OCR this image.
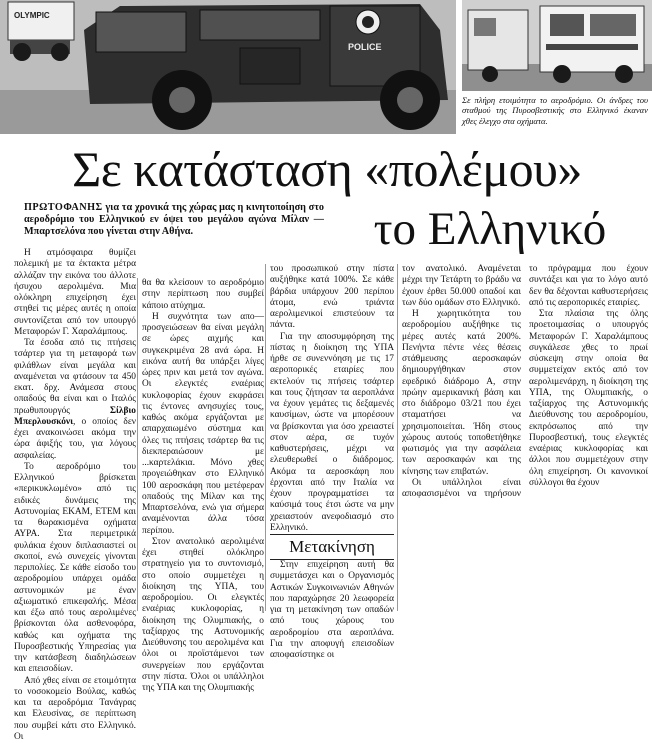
OLYMPIC
POLICE
Σε πλήρη ετοιμότητα το αεροδρόμιο. Οι άνδρες του σταθμού της Πυροσβεστικής στο Ελληνικό έκαναν χθες έλεγχο στα οχήματα.
Σε κατάσταση «πολέμου»
ΠΡΩΤΟΦΑΝΗΣ για τα χρονικά της χώρας μας η κινητοποίηση στο αεροδρόμιο του Ελληνικού εν όψει του μεγάλου αγώνα Μίλαν — Μπαρτσελόνα που γίνεται στην Αθήνα.	το Ελληνικό

Η ατμόσφαιρα θυμίζει πολεμική με τα έκτακτα μέτρα αλλάζαν την εικόνα του άλλοτε ήσυχου αερολιμένα. Μια ολόκληρη επιχείρηση έχει στηθεί τις μέρες αυτές η οποία συντονίζεται από τον υπουργό Μεταφορών Γ. Χαραλάμπους.

Τα έσοδα από τις πτήσεις τσάρτερ για τη μεταφορά των φιλάθλων είναι μεγάλα και αναμένεται να φτάσουν τα 450 εκατ. δρχ. Ανάμεσα στους οπαδούς θα είναι και ο Ιταλός πρωθυπουργός	Σίλβιο Μπερλουσκόνι, ο οποίος δεν έχει ανακοινώσει ακόμα την ώρα άφιξής του, για λόγους ασφαλείας.

Το αεροδρόμιο του Ελληνικού βρίσκεται «περικυκλωμένο» από τις ειδικές δυνάμεις της Αστυνομίας ΕΚΑΜ, ΕΤΕΜ και τα θωρακισμένα οχήματα ΑΥΡΑ. Στα περιμετρικά φυλάκια έχουν διπλασιαστεί οι σκοποί, ενώ συνεχείς γίνονται περιπολίες. Σε κάθε είσοδο του αεροδρομίου υπάρχει ομάδα αστυνομικών με έναν αξιωματικό επικεφαλής. Μέσα και έξω από τους αερολιμένες βρίσκονται όλα ασθενοφόρα, καθώς και οχήματα της Πυροσβεστικής Υπηρεσίας για την κατάσβεση διαδηλώσεων και επεισοδίων.

Από χθες είναι σε ετοιμότητα το νοσοκομείο Βούλας, καθώς και τα αεροδρόμια Τανάγρας και Ελευσίνας, σε περίπτωση που συμβεί κάτι στο Ελληνικό. Οι

θα θα κλείσουν το αεροδρόμιο στην περίπτωση που συμβεί κάποιο ατύχημα.

Η συχνότητα των απο—προσγειώσεων θα είναι μεγάλη σε ώρες αιχμής και συγκεκριμένα 28 ανά ώρα. Η εικόνα αυτή θα υπάρξει λίγες ώρες πριν και μετά τον αγώνα. Οι ελεγκτές εναέριας κυκλοφορίας έχουν εκφράσει τις έντονες ανησυχίες τους, καθώς ακόμα εργάζονται με απαρχαιωμένο σύστημα και όλες τις πτήσεις τσάρτερ θα τις διεκπεραιώσουν με ...καρτελάκια. Μόνο χθες προγειώθηκαν στο Ελληνικό 100 αεροσκάφη που μετέφεραν οπαδούς της Μίλαν και της Μπαρτσελόνα, ενώ για σήμερα αναμένονται άλλα τόσα περίπου.

Στον ανατολικό αερολιμένα έχει στηθεί ολόκληρο στρατηγείο για το συντονισμό, στο οποίο συμμετέχει η διοίκηση της ΥΠΑ, του αεροδρομίου. Οι ελεγκτές εναέριας κυκλοφορίας, η διοίκηση της Ολυμπιακής, ο ταξίαρχος της Αστυνομικής Διεύθυνσης του αερολιμένα και όλοι οι προϊστάμενοι των συνεργείων που εργάζονται στην πίστα. Όλοι οι υπάλληλοι της ΥΠΑ και της Ολυμπιακής

του προσωπικού στην πίστα αυξήθηκε κατά 100%. Σε κάθε βάρδια υπάρχουν 200 περίπου άτομα, ενώ τριάντα αερολιμενικοί επιστεύουν τα πάντα.

Για την αποσυμφόρηση της πίστας η διοίκηση της ΥΠΑ ήρθε σε συνεννόηση με τις 17 αεροπορικές εταιρίες που εκτελούν τις πτήσεις τσάρτερ και τους ζήτησαν τα αεροπλάνα να έχουν γεμάτες τις δεξαμενές καυσίμων, ώστε να μπορέσουν να βρίσκονται για όσο χρειαστεί στον αέρα, σε τυχόν καθυστερήσεις, μέχρι να ελευθερωθεί ο διάδρομος. Ακόμα τα αεροσκάφη που έρχονται από την Ιταλία να έχουν προγραμματίσει τα καύσιμά τους έτσι ώστε να μην χρειαστούν ανεφοδιασμό στο Ελληνικό.

Μετακίνηση

Στην επιχείρηση αυτή θα συμμετάσχει και ο Οργανισμός Αστικών Συγκοινωνιών Αθηνών που παραχώρησε 20 λεωφορεία για τη μετακίνηση των οπαδών από τους χώρους του αεροδρομίου στα αεροπλάνα. Για την αποφυγή επεισοδίων αποφασίστηκε οι

τον ανατολικό. Αναμένεται μέχρι την Τετάρτη το βράδυ να έχουν έρθει 50.000 οπαδοί και των δύο ομάδων στο Ελληνικό.

Η χωρητικότητα του αεροδρομίου αυξήθηκε τις μέρες αυτές κατά 200%. Πενήντα πέντε νέες θέσεις στάθμευσης αεροσκαφών δημιουργήθηκαν στον εφεδρικό διάδρομο Α, στην πρώην αμερικανική βάση και στο διάδρομο 03/21 που έχει σταματήσει να χρησιμοποιείται. Ήδη στους χώρους αυτούς τοποθετήθηκε φωτισμός για την ασφάλεια των αεροσκαφών και της κίνησης των επιβατών.

Οι υπάλληλοι είναι αποφασισμένοι να τηρήσουν το πρόγραμμα που έχουν συντάξει και για το λόγο αυτό δεν θα δέχονται καθυστερήσεις από τις αεροπορικές εταιρίες.

Στα πλαίσια της όλης προετοιμασίας ο υπουργός Μεταφορών Γ. Χαραλάμπους συγκάλεσε χθες το πρωί σύσκεψη στην οποία θα συμμετείχαν εκτός από τον αερολιμενάρχη, η διοίκηση της ΥΠΑ, της Ολυμπιακής, ο ταξίαρχος της Αστυνομικής Διεύθυνσης του αεροδρομίου, εκπρόσωπος από την Πυροσβεστική, τους ελεγκτές εναέριας κυκλοφορίας και άλλοι που συμμετέχουν στην όλη επιχείρηση. Οι κανονικοί σύλλογοι θα έχουν
